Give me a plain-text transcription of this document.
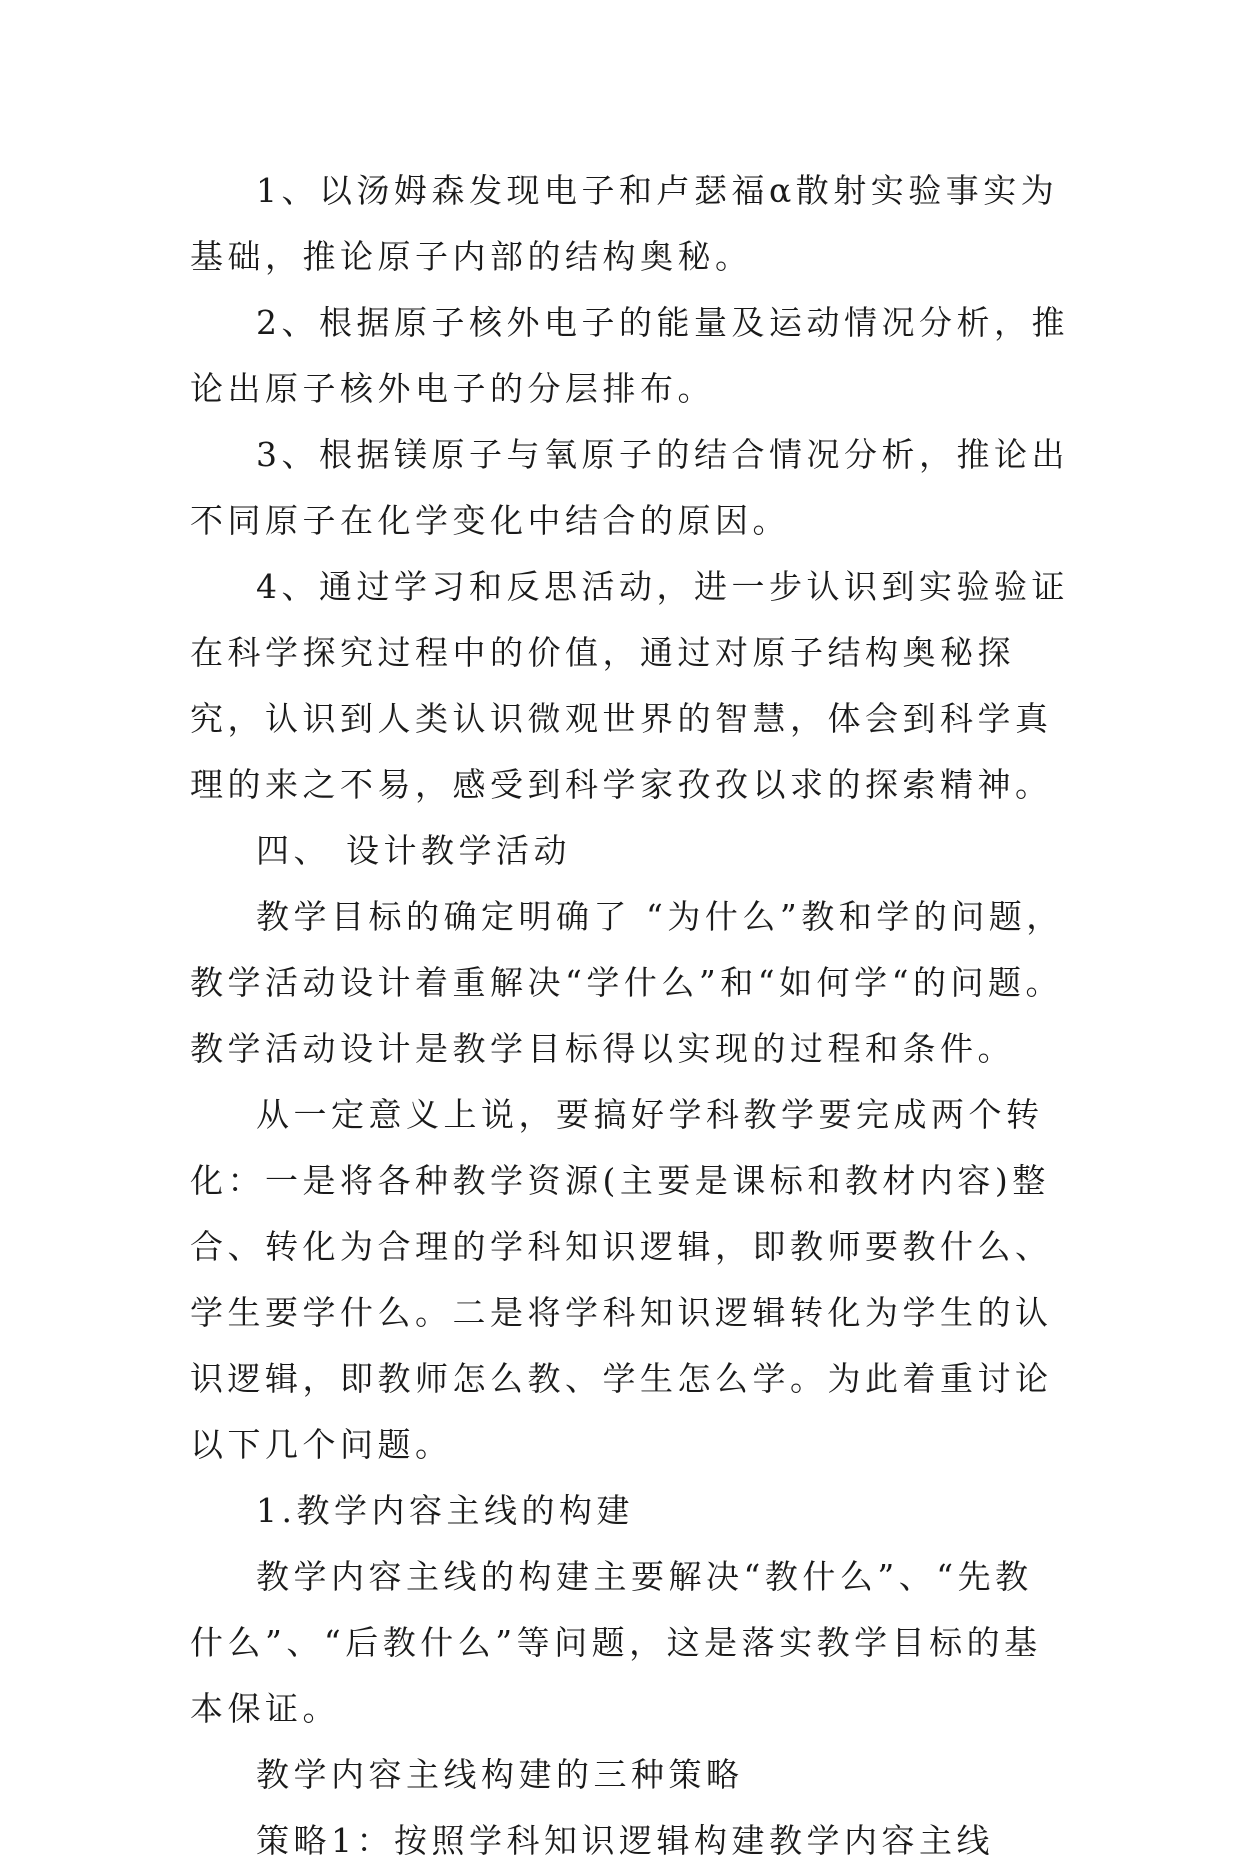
1、以汤姆森发现电子和卢瑟福α散射实验事实为基础，推论原子内部的结构奥秘。

2、根据原子核外电子的能量及运动情况分析，推论出原子核外电子的分层排布。

3、根据镁原子与氧原子的结合情况分析，推论出不同原子在化学变化中结合的原因。

4、通过学习和反思活动，进一步认识到实验验证在科学探究过程中的价值，通过对原子结构奥秘探究，认识到人类认识微观世界的智慧，体会到科学真理的来之不易，感受到科学家孜孜以求的探索精神。

四、 设计教学活动

教学目标的确定明确了 “为什么”教和学的问题，教学活动设计着重解决“学什么”和“如何学“的问题。教学活动设计是教学目标得以实现的过程和条件。

从一定意义上说，要搞好学科教学要完成两个转化：一是将各种教学资源(主要是课标和教材内容)整合、转化为合理的学科知识逻辑，即教师要教什么、学生要学什么。二是将学科知识逻辑转化为学生的认识逻辑，即教师怎么教、学生怎么学。为此着重讨论以下几个问题。

1.教学内容主线的构建

教学内容主线的构建主要解决“教什么”、“先教什么”、“后教什么”等问题，这是落实教学目标的基本保证。

教学内容主线构建的三种策略

策略1：按照学科知识逻辑构建教学内容主线
